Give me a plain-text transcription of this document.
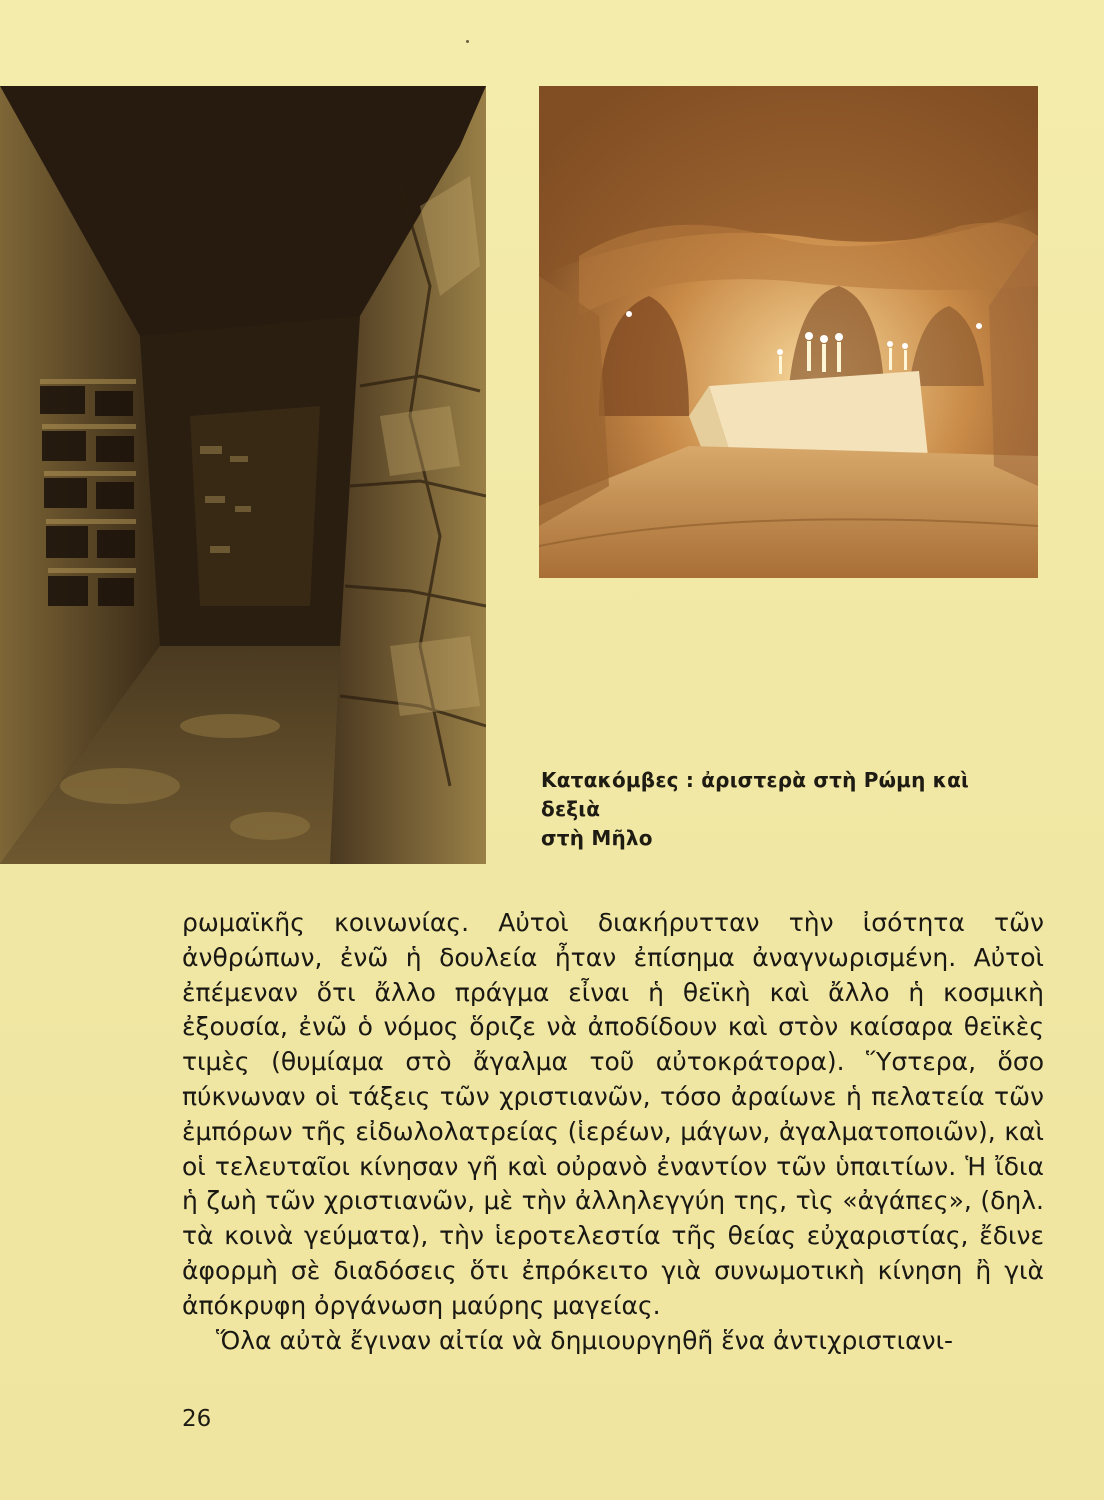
Κατακόμβες : ἀριστερὰ στὴ Ρώμη καὶ δεξιὰ
στὴ Μῆλο

ρωμαϊκῆς κοινωνίας. Αὐτοὶ διακήρυτταν τὴν ἰσότητα τῶν ἀνθρώπων, ἐνῶ ἡ δουλεία ἦταν ἐπίσημα ἀναγνωρισμένη. Αὐτοὶ ἐπέμεναν ὅτι ἄλλο πράγμα εἶναι ἡ θεϊκὴ καὶ ἄλλο ἡ κοσμικὴ ἐξουσία, ἐνῶ ὁ νόμος ὅριζε νὰ ἀποδίδουν καὶ στὸν καίσαρα θεϊκὲς τιμὲς (θυμίαμα στὸ ἄγαλμα τοῦ αὐτοκράτορα). Ὕστερα, ὅσο πύκνωναν οἱ τάξεις τῶν χριστιανῶν, τόσο ἀραίωνε ἡ πελατεία τῶν ἐμπόρων τῆς εἰδωλολατρείας (ἱερέων, μάγων, ἀγαλματοποιῶν), καὶ οἱ τελευταῖοι κίνησαν γῆ καὶ οὐρανὸ ἐναντίον τῶν ὑπαιτίων. Ἡ ἴδια ἡ ζωὴ τῶν χριστιανῶν, μὲ τὴν ἀλληλεγγύη της, τὶς «ἀγάπες», (δηλ. τὰ κοινὰ γεύματα), τὴν ἱεροτελεστία τῆς θείας εὐχαριστίας, ἔδινε ἀφορμὴ σὲ διαδόσεις ὅτι ἐπρόκειτο γιὰ συνωμοτικὴ κίνηση ἢ γιὰ ἀπόκρυφη ὀργάνωση μαύρης μαγείας.

Ὅλα αὐτὰ ἔγιναν αἰτία νὰ δημιουργηθῆ ἕνα ἀντιχριστιανι-

26
